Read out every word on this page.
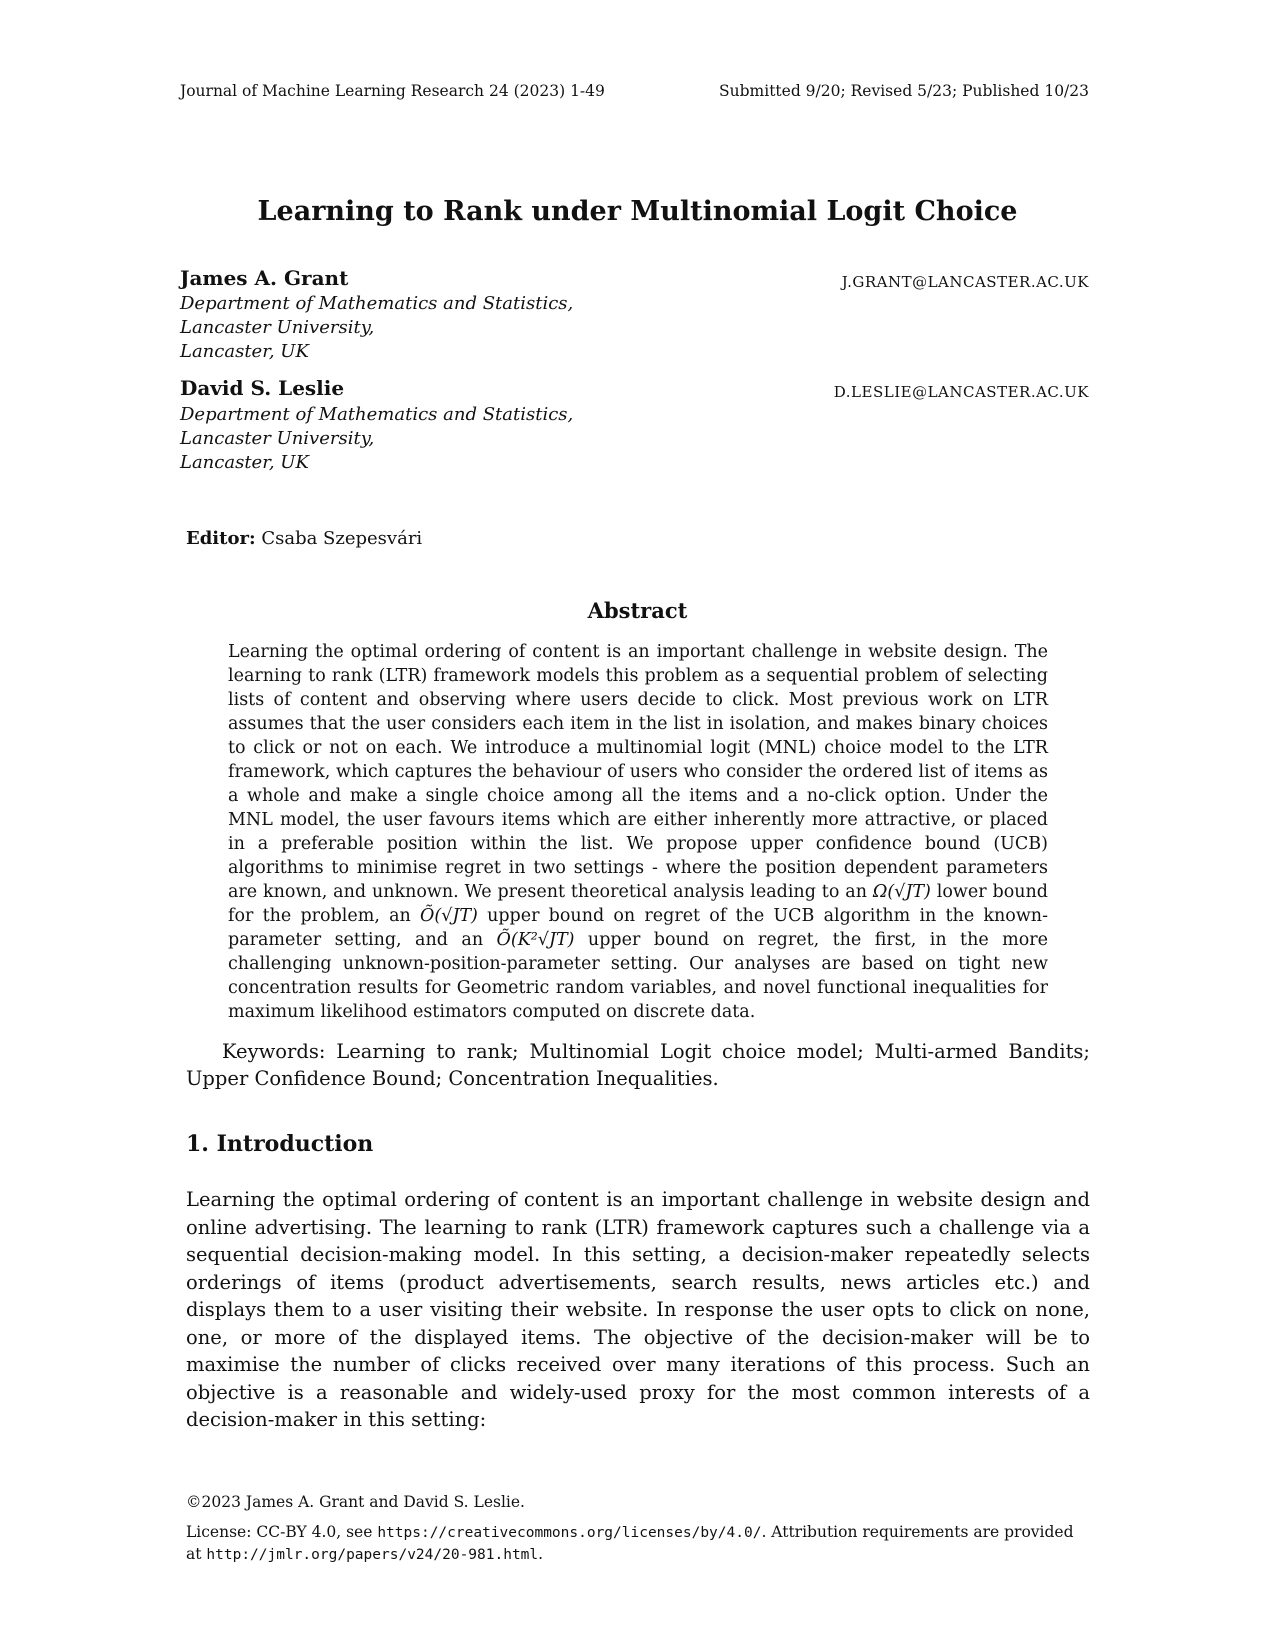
Journal of Machine Learning Research 24 (2023) 1-49	Submitted 9/20; Revised 5/23; Published 10/23
Learning to Rank under Multinomial Logit Choice
James A. Grant	J.GRANT@LANCASTER.AC.UK
Department of Mathematics and Statistics,
Lancaster University,
Lancaster, UK
David S. Leslie	D.LESLIE@LANCASTER.AC.UK
Department of Mathematics and Statistics,
Lancaster University,
Lancaster, UK
Editor: Csaba Szepesvári
Abstract
Learning the optimal ordering of content is an important challenge in website design. The learning to rank (LTR) framework models this problem as a sequential problem of selecting lists of content and observing where users decide to click. Most previous work on LTR assumes that the user considers each item in the list in isolation, and makes binary choices to click or not on each. We introduce a multinomial logit (MNL) choice model to the LTR framework, which captures the behaviour of users who consider the ordered list of items as a whole and make a single choice among all the items and a no-click option. Under the MNL model, the user favours items which are either inherently more attractive, or placed in a preferable position within the list. We propose upper confidence bound (UCB) algorithms to minimise regret in two settings - where the position dependent parameters are known, and unknown. We present theoretical analysis leading to an Ω(√JT) lower bound for the problem, an Õ(√JT) upper bound on regret of the UCB algorithm in the known-parameter setting, and an Õ(K²√JT) upper bound on regret, the first, in the more challenging unknown-position-parameter setting. Our analyses are based on tight new concentration results for Geometric random variables, and novel functional inequalities for maximum likelihood estimators computed on discrete data.
Keywords: Learning to rank; Multinomial Logit choice model; Multi-armed Bandits; Upper Confidence Bound; Concentration Inequalities.
1. Introduction
Learning the optimal ordering of content is an important challenge in website design and online advertising. The learning to rank (LTR) framework captures such a challenge via a sequential decision-making model. In this setting, a decision-maker repeatedly selects orderings of items (product advertisements, search results, news articles etc.) and displays them to a user visiting their website. In response the user opts to click on none, one, or more of the displayed items. The objective of the decision-maker will be to maximise the number of clicks received over many iterations of this process. Such an objective is a reasonable and widely-used proxy for the most common interests of a decision-maker in this setting:
©2023 James A. Grant and David S. Leslie.
License: CC-BY 4.0, see https://creativecommons.org/licenses/by/4.0/. Attribution requirements are provided at http://jmlr.org/papers/v24/20-981.html.
